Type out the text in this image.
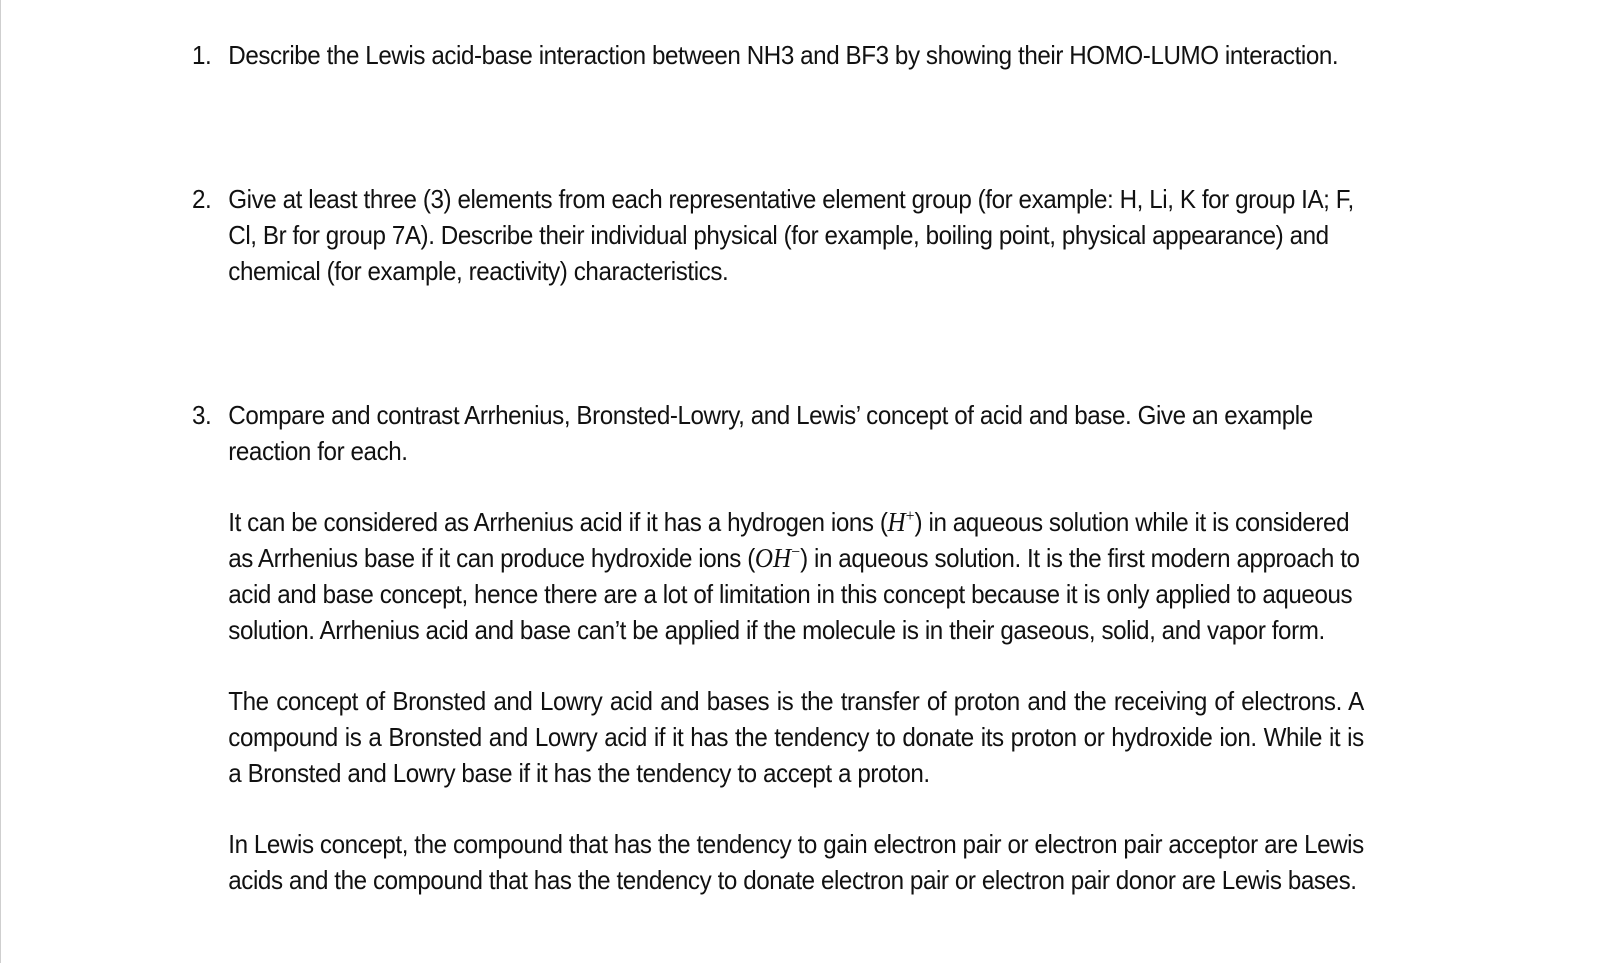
1. Describe the Lewis acid-base interaction between NH3 and BF3 by showing their HOMO-LUMO interaction.

2. Give at least three (3) elements from each representative element group (for example: H, Li, K for group IA; F, Cl, Br for group 7A). Describe their individual physical (for example, boiling point, physical appearance) and chemical (for example, reactivity) characteristics.

3. Compare and contrast Arrhenius, Bronsted-Lowry, and Lewis’ concept of acid and base. Give an example reaction for each.

It can be considered as Arrhenius acid if it has a hydrogen ions (H+) in aqueous solution while it is considered as Arrhenius base if it can produce hydroxide ions (OH−) in aqueous solution. It is the first modern approach to acid and base concept, hence there are a lot of limitation in this concept because it is only applied to aqueous solution. Arrhenius acid and base can’t be applied if the molecule is in their gaseous, solid, and vapor form.

The concept of Bronsted and Lowry acid and bases is the transfer of proton and the receiving of electrons. A compound is a Bronsted and Lowry acid if it has the tendency to donate its proton or hydroxide ion. While it is a Bronsted and Lowry base if it has the tendency to accept a proton.

In Lewis concept, the compound that has the tendency to gain electron pair or electron pair acceptor are Lewis acids and the compound that has the tendency to donate electron pair or electron pair donor are Lewis bases.
